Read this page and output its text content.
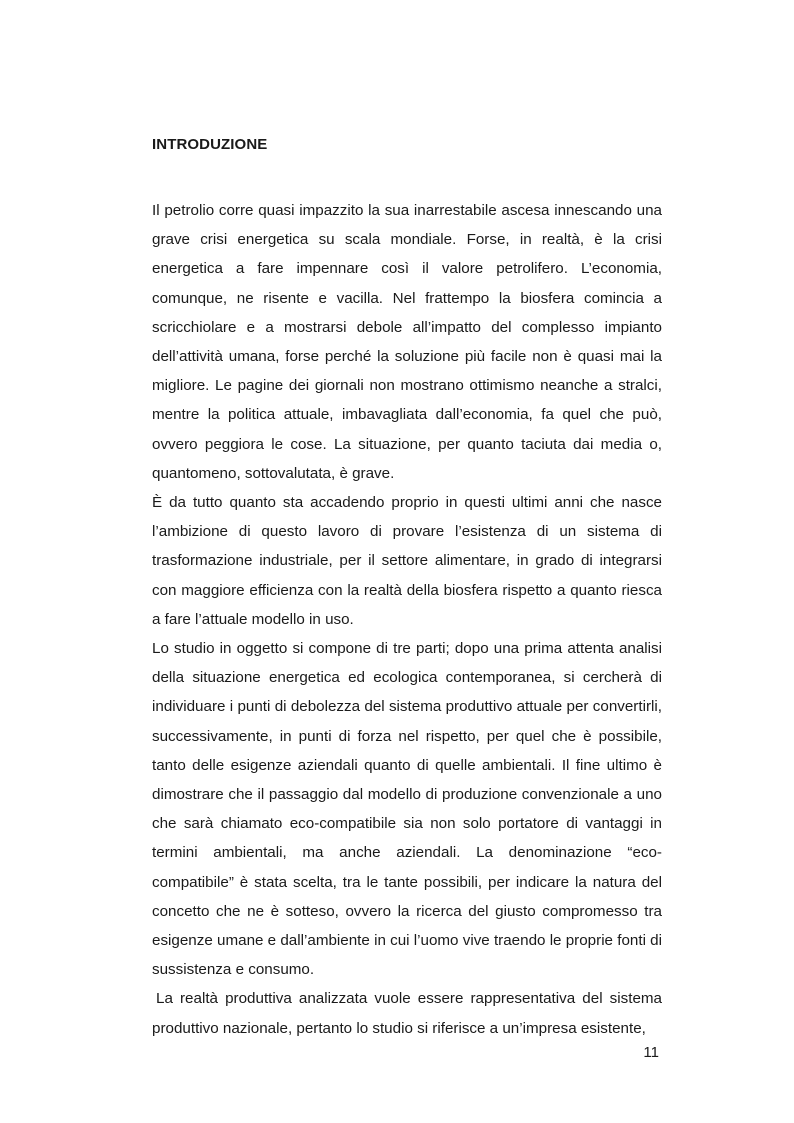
INTRODUZIONE

Il petrolio corre quasi impazzito la sua inarrestabile ascesa innescando una grave crisi energetica su scala mondiale. Forse, in realtà, è la crisi energetica a fare impennare così il valore petrolifero. L’economia, comunque, ne risente e vacilla. Nel frattempo la biosfera comincia a scricchiolare e a mostrarsi debole all’impatto del complesso impianto dell’attività umana, forse perché la soluzione più facile non è quasi mai la migliore. Le pagine dei giornali non mostrano ottimismo neanche a stralci, mentre la politica attuale, imbavagliata dall’economia, fa quel che può, ovvero peggiora le cose. La situazione, per quanto taciuta dai media o, quantomeno, sottovalutata, è grave.

È da tutto quanto sta accadendo proprio in questi ultimi anni che nasce l’ambizione di questo lavoro di provare l’esistenza di un sistema di trasformazione industriale, per il settore alimentare, in grado di integrarsi con maggiore efficienza con la realtà della biosfera rispetto a quanto riesca a fare l’attuale modello in uso.

Lo studio in oggetto si compone di tre parti; dopo una prima attenta analisi della situazione energetica ed ecologica contemporanea, si cercherà di individuare i punti di debolezza del sistema produttivo attuale per convertirli, successivamente, in punti di forza nel rispetto, per quel che è possibile, tanto delle esigenze aziendali quanto di quelle ambientali. Il fine ultimo è dimostrare che il passaggio dal modello di produzione convenzionale a uno che sarà chiamato eco-compatibile sia non solo portatore di vantaggi in termini ambientali, ma anche aziendali. La denominazione “eco-compatibile” è stata scelta, tra le tante possibili, per indicare la natura del concetto che ne è sotteso, ovvero la ricerca del giusto compromesso tra esigenze umane e dall’ambiente in cui l’uomo vive traendo le proprie fonti di sussistenza e consumo.

La realtà produttiva analizzata vuole essere rappresentativa del sistema produttivo nazionale, pertanto lo studio si riferisce a un’impresa esistente,

11
